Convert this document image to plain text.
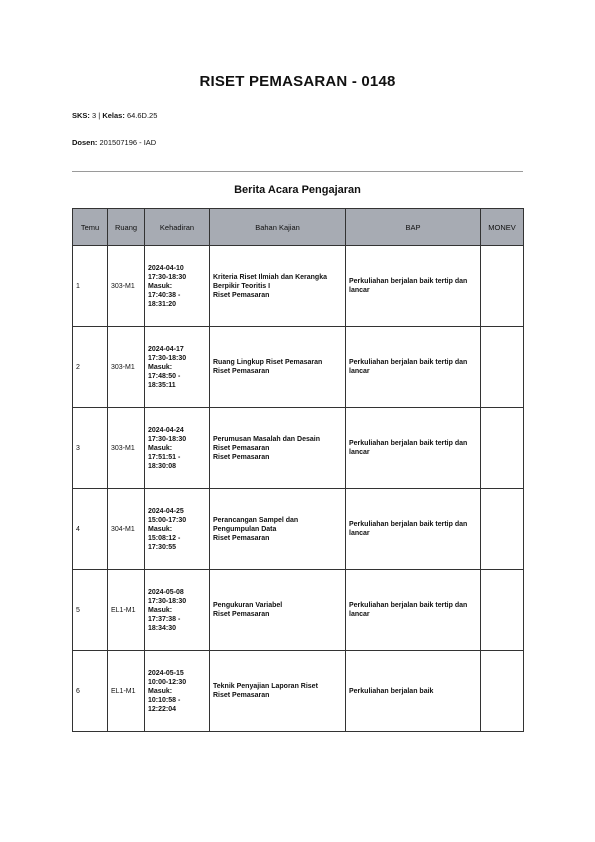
RISET PEMASARAN - 0148
SKS: 3 | Kelas: 64.6D.25
Dosen: 201507196 - IAD
Berita Acara Pengajaran
Temu	Ruang	Kehadiran	Bahan Kajian	BAP	MONEV
1	303-M1	2024-04-10
17:30-18:30
Masuk:
17:40:38 -
18:31:20	Kriteria Riset Ilmiah dan Kerangka
Berpikir Teoritis I
Riset Pemasaran	Perkuliahan berjalan baik tertip dan
lancar	

2	303-M1	2024-04-17
17:30-18:30
Masuk:
17:48:50 -
18:35:11	Ruang Lingkup Riset Pemasaran
Riset Pemasaran	Perkuliahan berjalan baik tertip dan
lancar	

3	303-M1	2024-04-24
17:30-18:30
Masuk:
17:51:51 -
18:30:08	Perumusan Masalah dan Desain
Riset Pemasaran
Riset Pemasaran	Perkuliahan berjalan baik tertip dan
lancar	

4	304-M1	2024-04-25
15:00-17:30
Masuk:
15:08:12 -
17:30:55	Perancangan Sampel dan
Pengumpulan Data
Riset Pemasaran	Perkuliahan berjalan baik tertip dan
lancar	

5	EL1-M1	2024-05-08
17:30-18:30
Masuk:
17:37:38 -
18:34:30	Pengukuran Variabel
Riset Pemasaran	Perkuliahan berjalan baik tertip dan
lancar	

6	EL1-M1	2024-05-15
10:00-12:30
Masuk:
10:10:58 -
12:22:04	Teknik Penyajian Laporan Riset
Riset Pemasaran	Perkuliahan berjalan baik	
